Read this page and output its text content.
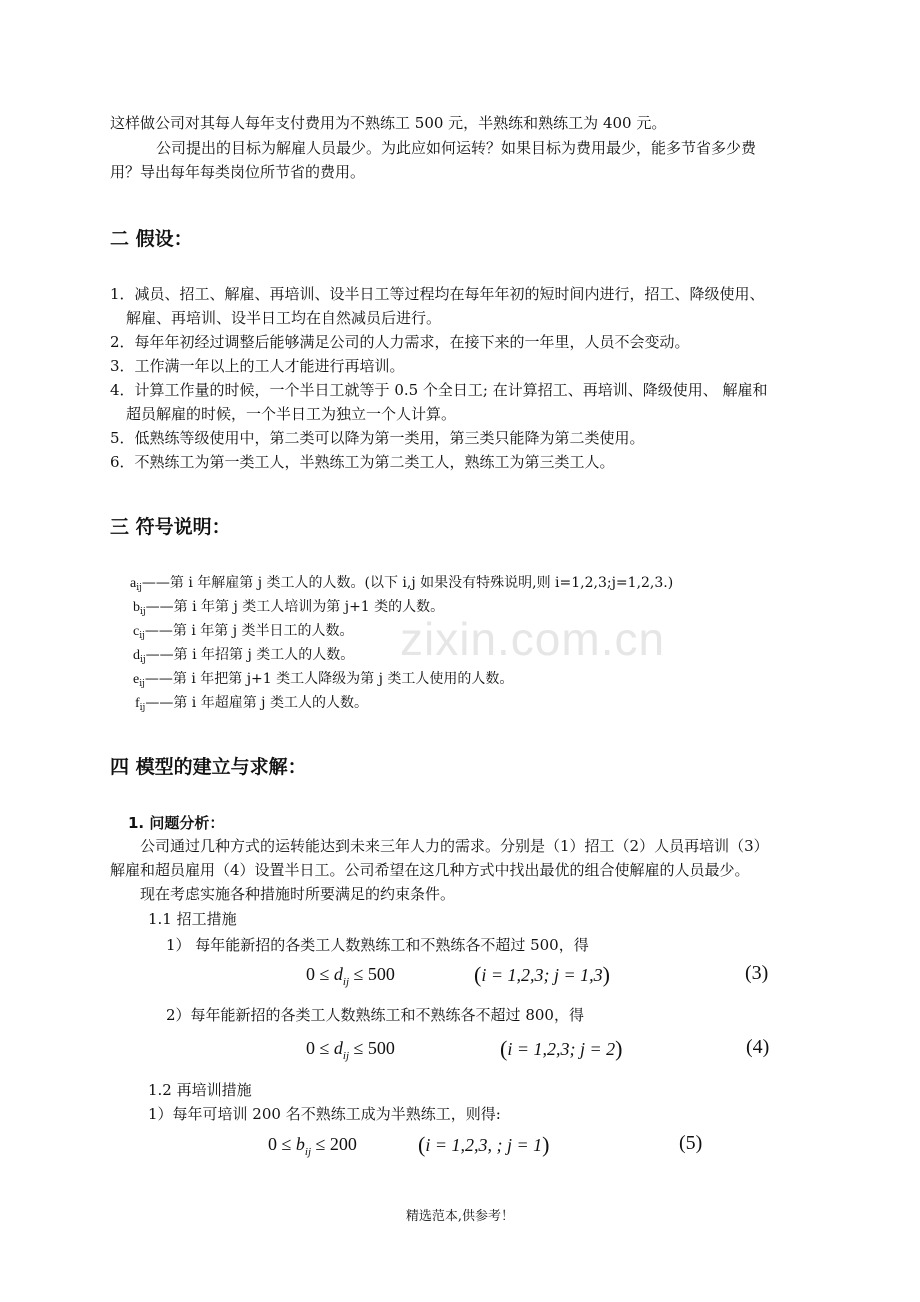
这样做公司对其每人每年支付费用为不熟练工 500 元，半熟练和熟练工为 400 元。
公司提出的目标为解雇人员最少。为此应如何运转？如果目标为费用最少，能多节省多少费
用？导出每年每类岗位所节省的费用。
二 假设：
1．减员、招工、解雇、再培训、设半日工等过程均在每年年初的短时间内进行，招工、降级使用、
解雇、再培训、设半日工均在自然减员后进行。
2．每年年初经过调整后能够满足公司的人力需求，在接下来的一年里，人员不会变动。
3．工作满一年以上的工人才能进行再培训。
4．计算工作量的时候，一个半日工就等于 0.5 个全日工; 在计算招工、再培训、降级使用、 解雇和
超员解雇的时候，一个半日工为独立一个人计算。
5．低熟练等级使用中，第二类可以降为第一类用，第三类只能降为第二类使用。
6．不熟练工为第一类工人，半熟练工为第二类工人，熟练工为第三类工人。
三 符号说明：
$a_{ij}——$第 i 年解雇第 j 类工人的人数。(以下 i,j 如果没有特殊说明,则 i=1,2,3;j=1,2,3.)
$b_{ij}——$第 i 年第 j 类工人培训为第 j+1 类的人数。
$c_{ij}——$第 i 年第 j 类半日工的人数。
$d_{ij}——$第 i 年招第 j 类工人的人数。
$e_{ij}——$第 i 年把第 j+1 类工人降级为第 j 类工人使用的人数。
$f_{ij}——$第 i 年超雇第 j 类工人的人数。
zixin.com.cn
四 模型的建立与求解：
1. 问题分析：
公司通过几种方式的运转能达到未来三年人力的需求。分别是（1）招工（2）人员再培训（3）
解雇和超员雇用（4）设置半日工。公司希望在这几种方式中找出最优的组合使解雇的人员最少。
现在考虑实施各种措施时所要满足的约束条件。
1.1 招工措施
1） 每年能新招的各类工人数熟练工和不熟练各不超过 500，得
$0 \le d_{ij} \le 500$	(i = 1,2,3; j = 1,3)	(3)
2）每年能新招的各类工人数熟练工和不熟练各不超过 800，得
$0 \le d_{ij} \le 500$	(i = 1,2,3; j = 2)	(4)
1.2 再培训措施
1）每年可培训 200 名不熟练工成为半熟练工，则得:
$0 \le b_{ij} \le 200$	(i = 1,2,3, ; j = 1)	(5)
精选范本,供参考！
